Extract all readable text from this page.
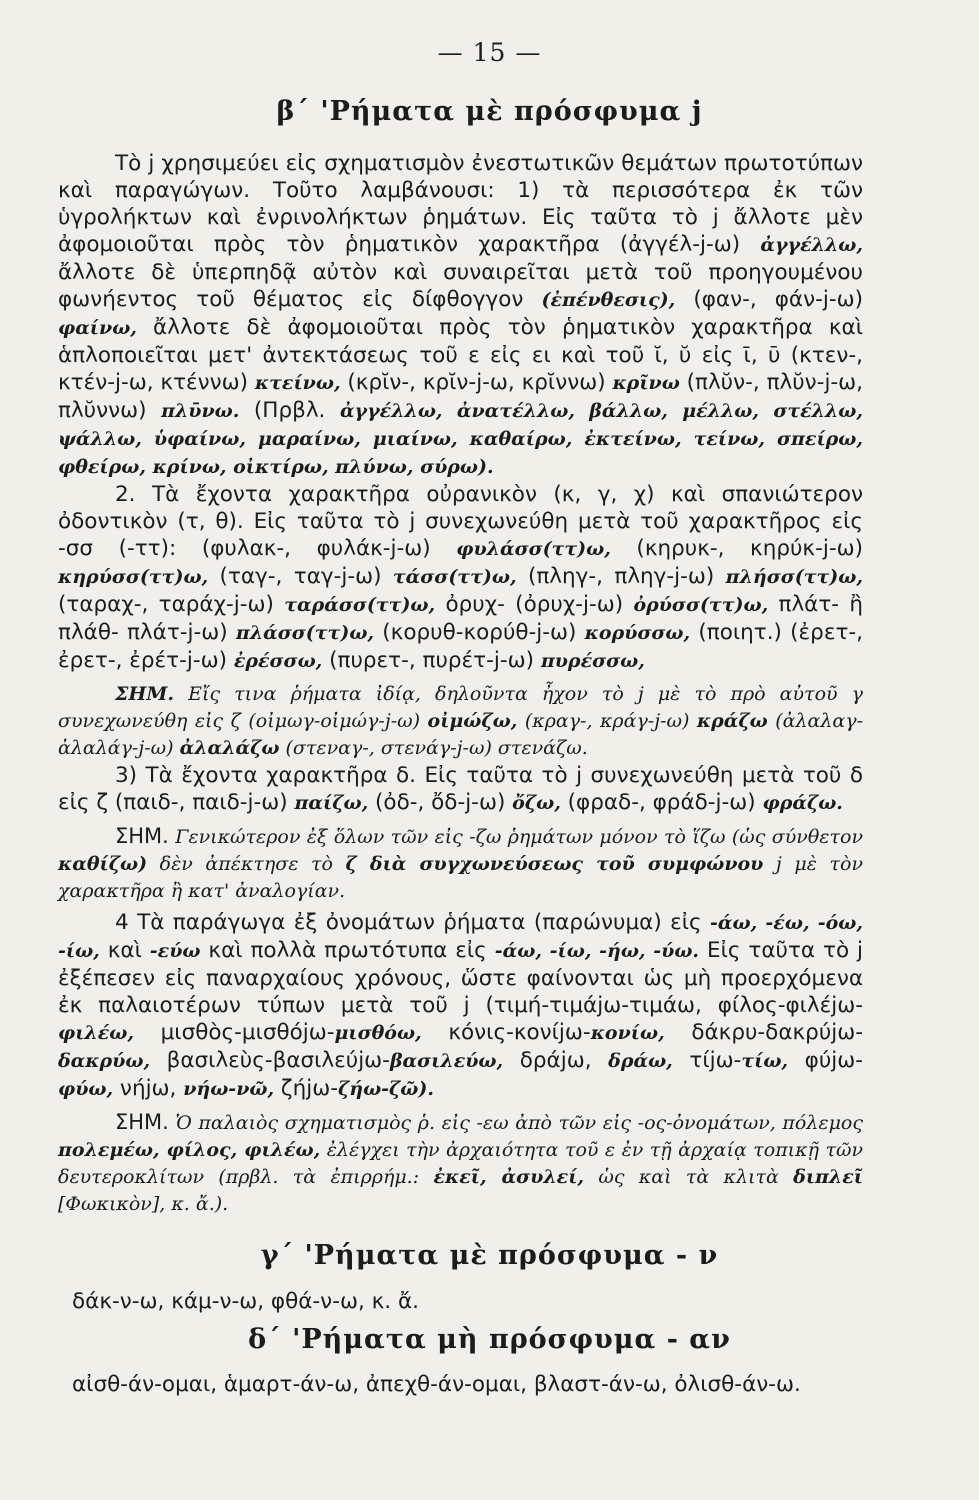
— 15 —
β΄ 'Ρήματα μὲ πρόσφυμα j

Τὸ j χρησιμεύει εἰς σχηματισμὸν ἐνεστωτικῶν θεμάτων πρωτοτύπων καὶ παραγώγων. Τοῦτο λαμβάνουσι: 1) τὰ περισσότερα ἐκ τῶν ὑγρολήκτων καὶ ἐνρινολήκτων ῥημάτων. Εἰς ταῦτα τὸ j ἄλλοτε μὲν ἀφομοιοῦται πρὸς τὸν ῥηματικὸν χαρακτῆρα (ἀγγέλ-j-ω) ἀγγέλλω, ἄλλοτε δὲ ὑπερπηδᾷ αὐτὸν καὶ συναιρεῖται μετὰ τοῦ προηγουμένου φωνήεντος τοῦ θέματος εἰς δίφθογγον (ἐπένθεσις), (φαν-, φάν-j-ω) φαίνω, ἄλλοτε δὲ ἀφομοιοῦται πρὸς τὸν ῥηματικὸν χαρακτῆρα καὶ ἁπλοποιεῖται μετ' ἀντεκτάσεως τοῦ ε εἰς ει καὶ τοῦ ῐ, ῠ εἰς ῑ, ῡ (κτεν-, κτέν-j-ω, κτέννω) κτείνω, (κρῐν-, κρῐν-j-ω, κρῐννω) κρῖνω (πλῠν-, πλῠν-j-ω, πλῠννω) πλῡνω. (Πρβλ. ἀγγέλλω, ἀνατέλλω, βάλλω, μέλλω, στέλλω, ψάλλω, ὑφαίνω, μαραίνω, μιαίνω, καθαίρω, ἐκτείνω, τείνω, σπείρω, φθείρω, κρίνω, οἰκτίρω, πλύνω, σύρω).

2. Τὰ ἔχοντα χαρακτῆρα οὐρανικὸν (κ, γ, χ) καὶ σπανιώτερον ὀδοντικὸν (τ, θ). Εἰς ταῦτα τὸ j συνεχωνεύθη μετὰ τοῦ χαρακτῆρος εἰς -σσ (-ττ): (φυλακ-, φυλάκ-j-ω) φυλάσσ(ττ)ω, (κηρυκ-, κηρύκ-j-ω) κηρύσσ(ττ)ω, (ταγ-, ταγ-j-ω) τάσσ(ττ)ω, (πληγ-, πληγ-j-ω) πλήσσ(ττ)ω, (ταραχ-, ταράχ-j-ω) ταράσσ(ττ)ω, ὀρυχ- (ὀρυχ-j-ω) ὀρύσσ(ττ)ω, πλάτ- ἢ πλάθ- πλάτ-j-ω) πλάσσ(ττ)ω, (κορυθ-κορύθ-j-ω) κορύσσω, (ποιητ.) (ἐρετ-, ἐρετ-, ἐρέτ-j-ω) ἐρέσσω, (πυρετ-, πυρέτ-j-ω) πυρέσσω,

ΣΗΜ. Εἴς τινα ῥήματα ἰδίᾳ, δηλοῦντα ἦχον τὸ j μὲ τὸ πρὸ αὐτοῦ γ συνεχωνεύθη εἰς ζ (οἰμωγ-οἰμώγ-j-ω) οἰμώζω, (κραγ-, κράγ-j-ω) κράζω (ἀλαλαγ-ἀλαλάγ-j-ω) ἀλαλάζω (στεναγ-, στενάγ-j-ω) στενάζω.

3) Τὰ ἔχοντα χαρακτῆρα δ. Εἰς ταῦτα τὸ j συνεχωνεύθη μετὰ τοῦ δ εἰς ζ (παιδ-, παιδ-j-ω) παίζω, (ὀδ-, ὄδ-j-ω) ὄζω, (φραδ-, φράδ-j-ω) φράζω.

ΣΗΜ. Γενικώτερον ἐξ ὅλων τῶν εἰς -ζω ῥημάτων μόνον τὸ ἵζω (ὡς σύνθετον καθίζω) δὲν ἀπέκτησε τὸ ζ διὰ συγχωνεύσεως τοῦ συμφώνου j μὲ τὸν χαρακτῆρα ἢ κατ' ἀναλογίαν.

4 Τὰ παράγωγα ἐξ ὀνομάτων ῥήματα (παρώνυμα) εἰς -άω, -έω, -όω, -ίω, καὶ -εύω καὶ πολλὰ πρωτότυπα εἰς -άω, -ίω, -ήω, -ύω. Εἰς ταῦτα τὸ j ἐξέπεσεν εἰς παναρχαίους χρόνους, ὥστε φαίνονται ὡς μὴ προερχόμενα ἐκ παλαιοτέρων τύπων μετὰ τοῦ j (τιμή-τιμάjω-τιμάω, φίλος-φιλέjω-φιλέω, μισθὸς-μισθόjω-μισθόω, κόνις-κονίjω-κονίω, δάκρυ-δακρύjω-δακρύω, βασιλεὺς-βασιλεύjω-βασιλεύω, δράjω, δράω, τίjω-τίω, φύjω-φύω, νήjω, νήω-νῶ, ζήjω-ζήω-ζῶ).

ΣΗΜ. Ὁ παλαιὸς σχηματισμὸς ῥ. εἰς -εω ἀπὸ τῶν εἰς -ος-ὀνομάτων, πόλεμος πολεμέω, φίλος, φιλέω, ἐλέγχει τὴν ἀρχαιότητα τοῦ ε ἐν τῇ ἀρχαίᾳ τοπικῇ τῶν δευτεροκλίτων (πρβλ. τὰ ἐπιρρήμ.: ἐκεῖ, ἀσυλεί, ὡς καὶ τὰ κλιτὰ διπλεῖ [Φωκικὸν], κ. ἄ.).

γ΄ 'Ρήματα μὲ πρόσφυμα - ν
δάκ-ν-ω, κάμ-ν-ω, φθά-ν-ω, κ. ἄ.
δ΄ 'Ρήματα μὴ πρόσφυμα - αν
αἰσθ-άν-ομαι, ἁμαρτ-άν-ω, ἀπεχθ-άν-ομαι, βλαστ-άν-ω, ὀλισθ-άν-ω.
